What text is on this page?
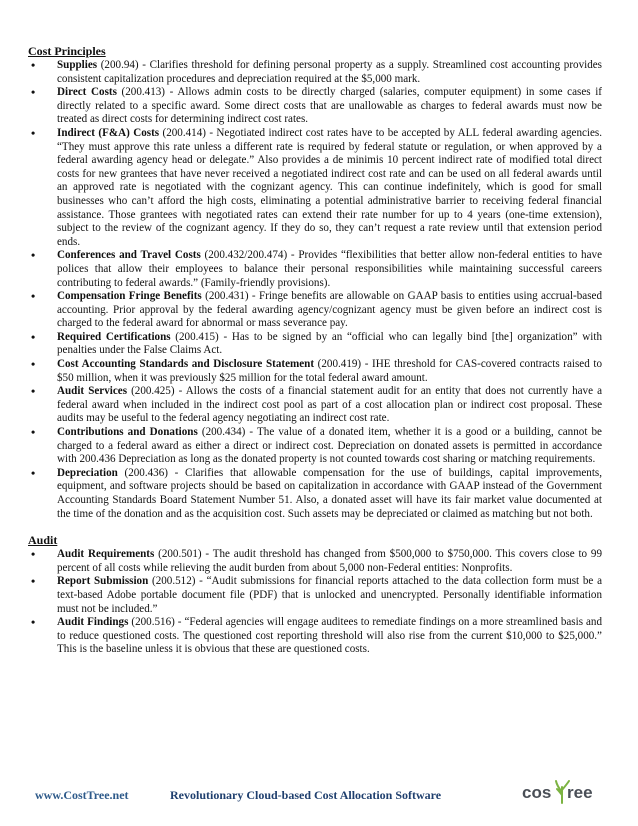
Cost Principles
• Supplies (200.94) - Clarifies threshold for defining personal property as a supply. Streamlined cost accounting provides consistent capitalization procedures and depreciation required at the $5,000 mark.
• Direct Costs (200.413) - Allows admin costs to be directly charged (salaries, computer equipment) in some cases if directly related to a specific award. Some direct costs that are unallowable as charges to federal awards must now be treated as direct costs for determining indirect cost rates.
• Indirect (F&A) Costs (200.414) - Negotiated indirect cost rates have to be accepted by ALL federal awarding agencies. “They must approve this rate unless a different rate is required by federal statute or regulation, or when approved by a federal awarding agency head or delegate.” Also provides a de minimis 10 percent indirect rate of modified total direct costs for new grantees that have never received a negotiated indirect cost rate and can be used on all federal awards until an approved rate is negotiated with the cognizant agency. This can continue indefinitely, which is good for small businesses who can’t afford the high costs, eliminating a potential administrative barrier to receiving federal financial assistance. Those grantees with negotiated rates can extend their rate number for up to 4 years (one-time extension), subject to the review of the cognizant agency. If they do so, they can’t request a rate review until that extension period ends.
• Conferences and Travel Costs (200.432/200.474) - Provides “flexibilities that better allow non-federal entities to have polices that allow their employees to balance their personal responsibilities while maintaining successful careers contributing to federal awards.” (Family-friendly provisions).
• Compensation Fringe Benefits (200.431) - Fringe benefits are allowable on GAAP basis to entities using accrual-based accounting. Prior approval by the federal awarding agency/cognizant agency must be given before an indirect cost is charged to the federal award for abnormal or mass severance pay.
• Required Certifications (200.415) - Has to be signed by an “official who can legally bind [the] organization” with penalties under the False Claims Act.
• Cost Accounting Standards and Disclosure Statement (200.419) - IHE threshold for CAS-covered contracts raised to $50 million, when it was previously $25 million for the total federal award amount.
• Audit Services (200.425) - Allows the costs of a financial statement audit for an entity that does not currently have a federal award when included in the indirect cost pool as part of a cost allocation plan or indirect cost proposal. These audits may be useful to the federal agency negotiating an indirect cost rate.
• Contributions and Donations (200.434) - The value of a donated item, whether it is a good or a building, cannot be charged to a federal award as either a direct or indirect cost. Depreciation on donated assets is permitted in accordance with 200.436 Depreciation as long as the donated property is not counted towards cost sharing or matching requirements.
• Depreciation (200.436) - Clarifies that allowable compensation for the use of buildings, capital improvements, equipment, and software projects should be based on capitalization in accordance with GAAP instead of the Government Accounting Standards Board Statement Number 51. Also, a donated asset will have its fair market value documented at the time of the donation and as the acquisition cost. Such assets may be depreciated or claimed as matching but not both.
Audit
• Audit Requirements (200.501) - The audit threshold has changed from $500,000 to $750,000. This covers close to 99 percent of all costs while relieving the audit burden from about 5,000 non-Federal entities: Nonprofits.
• Report Submission (200.512) - “Audit submissions for financial reports attached to the data collection form must be a text-based Adobe portable document file (PDF) that is unlocked and unencrypted. Personally identifiable information must not be included.”
• Audit Findings (200.516) - “Federal agencies will engage auditees to remediate findings on a more streamlined basis and to reduce questioned costs. The questioned cost reporting threshold will also rise from the current $10,000 to $25,000.” This is the baseline unless it is obvious that these are questioned costs.
www.CostTree.net	Revolutionary Cloud-based Cost Allocation Software	cos ree
